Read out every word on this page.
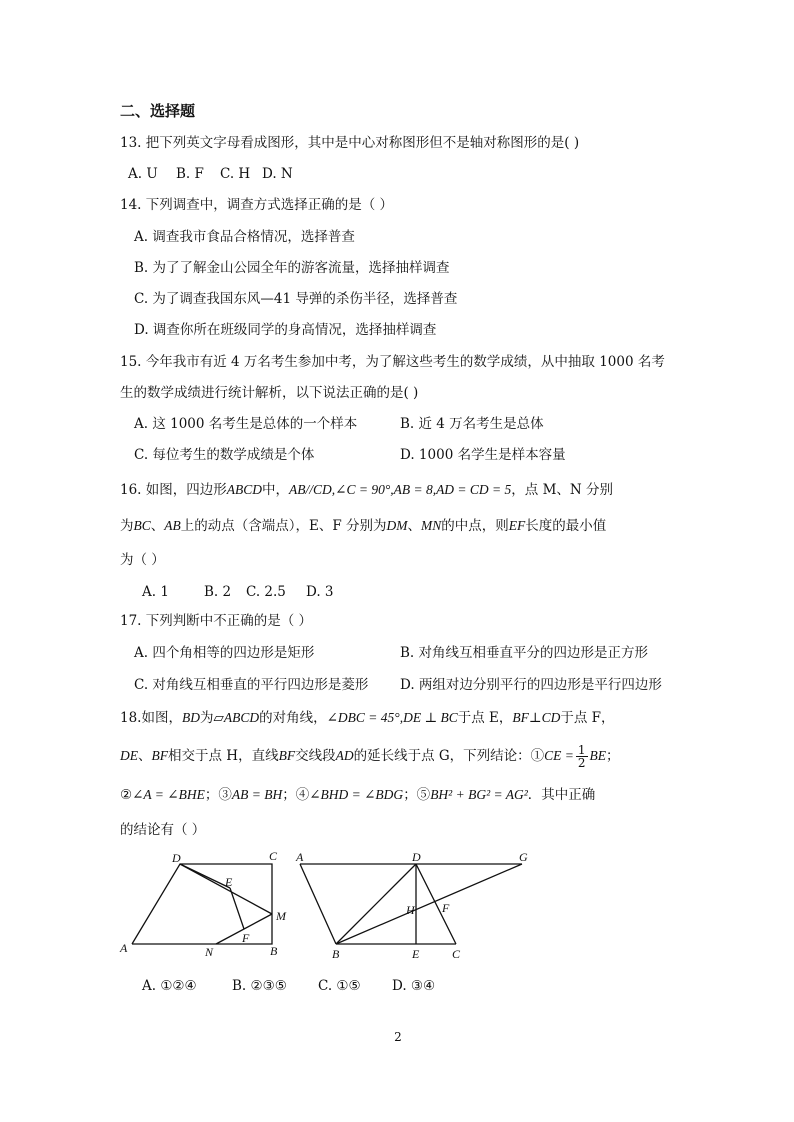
二、选择题
13. 把下列英文字母看成图形，其中是中心对称图形但不是轴对称图形的是( )
A. U B. F C. H D. N
14. 下列调查中，调查方式选择正确的是（ ）
A. 调查我市食品合格情况，选择普查
B. 为了了解金山公园全年的游客流量，选择抽样调查
C. 为了调查我国东风—41 导弹的杀伤半径，选择普查
D. 调查你所在班级同学的身高情况，选择抽样调查
15. 今年我市有近 4 万名考生参加中考，为了解这些考生的数学成绩，从中抽取 1000 名考
生的数学成绩进行统计解析，以下说法正确的是( )
A. 这 1000 名考生是总体的一个样本	B. 近 4 万名考生是总体
C. 每位考生的数学成绩是个体	D. 1000 名学生是样本容量
16. 如图，四边形ABCD中，AB//CD,∠C = 90°,AB = 8,AD = CD = 5，点 M、N 分别
为BC、AB上的动点（含端点），E、F 分别为DM、MN的中点，则EF长度的最小值
为（ ）
A. 1	B. 2 C. 2.5 D. 3
17. 下列判断中不正确的是（ ）
A. 四个角相等的四边形是矩形	B. 对角线互相垂直平分的四边形是正方形
C. 对角线互相垂直的平行四边形是菱形 D. 两组对边分别平行的四边形是平行四边形
18.如图，BD为▱ABCD的对角线，∠DBC = 45°,DE ⊥ BC于点 E，BF⊥CD于点 F，
DE、BF相交于点 H，直线BF交线段AD的延长线于点 G，下列结论：①CE = $\frac{1}{2}$ BE；
②∠A = ∠BHE；③AB = BH；④∠BHD = ∠BDG；⑤BH² + BG² = AG²．其中正确
的结论有（ ）
D	C
E
M
A	N
F
B
A	D	G
H F
B	E	C
A. ①②④	B. ②③⑤ C. ①⑤ D. ③④
2
